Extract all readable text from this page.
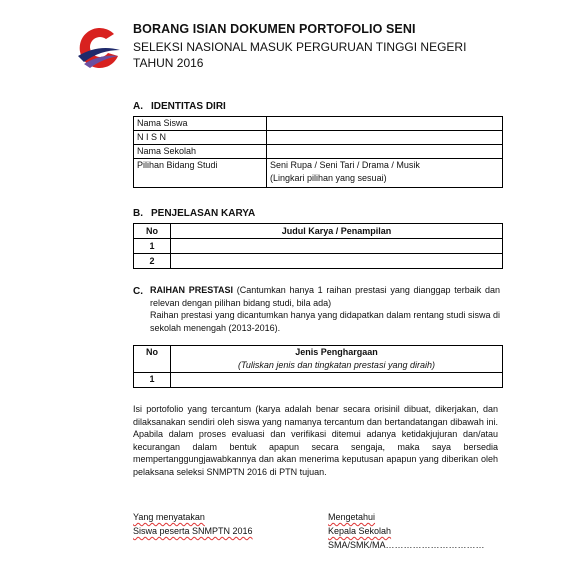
BORANG ISIAN DOKUMEN PORTOFOLIO SENI
SELEKSI NASIONAL MASUK PERGURUAN TINGGI NEGERI
TAHUN 2016
A. IDENTITAS DIRI
Nama Siswa	
N I S N	
Nama Sekolah	
Pilihan Bidang Studi	Seni Rupa / Seni Tari / Drama / Musik
(Lingkari pilihan yang sesuai)
B. PENJELASAN KARYA
No	Judul Karya / Penampilan
1	
2	
C. RAIHAN PRESTASI (Cantumkan hanya 1 raihan prestasi yang dianggap terbaik dan relevan dengan pilihan bidang studi, bila ada)
Raihan prestasi yang dicantumkan hanya yang didapatkan dalam rentang studi siswa di sekolah menengah (2013-2016).
No	Jenis Penghargaan
(Tuliskan jenis dan tingkatan prestasi yang diraih)

1	
Isi portofolio yang tercantum (karya adalah benar secara orisinil dibuat, dikerjakan, dan dilaksanakan sendiri oleh siswa yang namanya tercantum dan bertandatangan dibawah ini. Apabila dalam proses evaluasi dan verifikasi ditemui adanya ketidakjujuran dan/atau kecurangan dalam bentuk apapun secara sengaja, maka saya bersedia mempertanggungjawabkannya dan akan menerima keputusan apapun yang diberikan oleh pelaksana seleksi SNMPTN 2016 di PTN tujuan.
Yang menyatakan
Siswa peserta SNMPTN 2016
Mengetahui
Kepala Sekolah
SMA/SMK/MA……………………………
